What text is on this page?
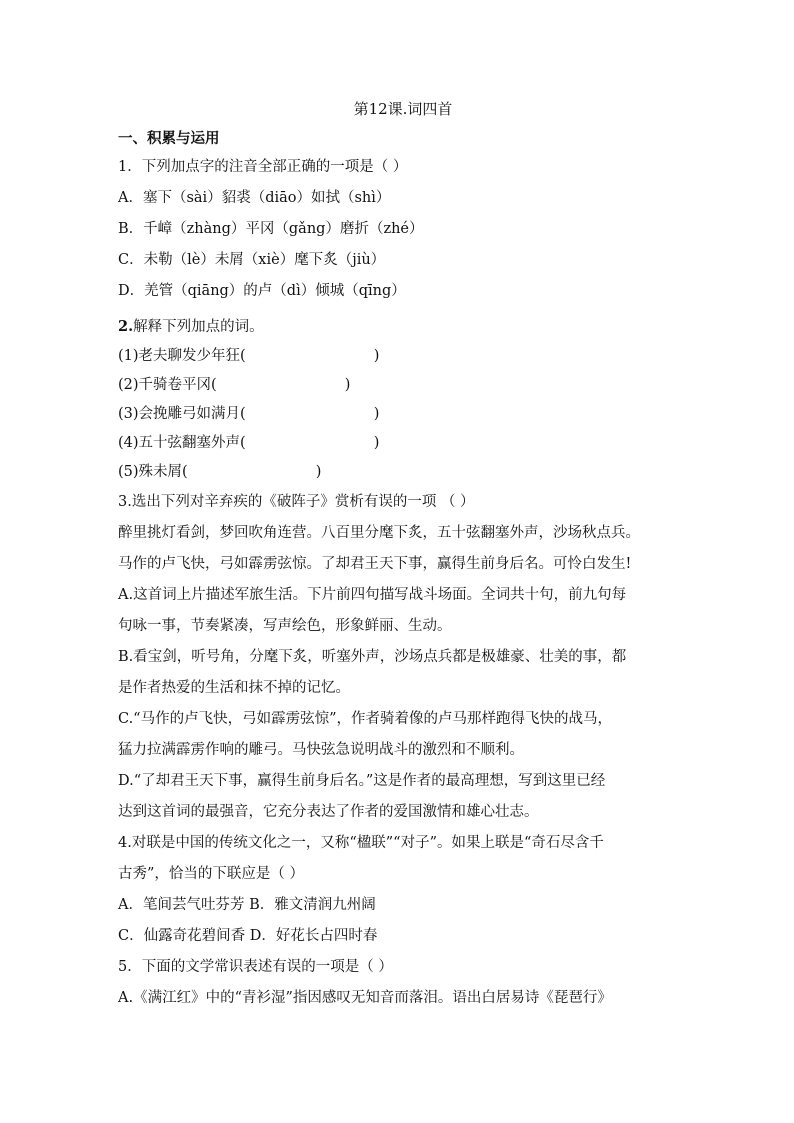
第12课.词四首
一、积累与运用
1．下列加点字的注音全部正确的一项是（ ）
A．塞下（sài）貂裘（diāo）如拭（shì）
B．千嶂（zhàng）平冈（gǎng）磨折（zhé）
C．未勒（lè）未屑（xiè）麾下炙（jiù）
D．羌管（qiāng）的卢（dì）倾城（qīng）
2.解释下列加点的词。
(1)老夫聊发少年狂(	)
(2)千骑卷平冈(	)
(3)会挽雕弓如满月(	)
(4)五十弦翻塞外声(	)
(5)殊未屑(	)
3.选出下列对辛弃疾的《破阵子》赏析有误的一项 （ ）
醉里挑灯看剑，梦回吹角连营。八百里分麾下炙，五十弦翻塞外声，沙场秋点兵。
马作的卢飞快，弓如霹雳弦惊。了却君王天下事，赢得生前身后名。可怜白发生!
A.这首词上片描述军旅生活。下片前四句描写战斗场面。全词共十句，前九句每
句咏一事，节奏紧凑，写声绘色，形象鲜丽、生动。
B.看宝剑，听号角，分麾下炙，听塞外声，沙场点兵都是极雄豪、壮美的事，都
是作者热爱的生活和抹不掉的记忆。
C.“马作的卢飞快，弓如霹雳弦惊”，作者骑着像的卢马那样跑得飞快的战马，
猛力拉满霹雳作响的雕弓。马快弦急说明战斗的激烈和不顺利。
D.“了却君王天下事，赢得生前身后名。”这是作者的最高理想，写到这里已经
达到这首词的最强音，它充分表达了作者的爱国激情和雄心壮志。
4.对联是中国的传统文化之一，又称“楹联”“对子”。如果上联是“奇石尽含千
古秀”，恰当的下联应是（ ）
A．笔间芸气吐芬芳 B．雅文清润九州阔
C．仙露奇花碧间香 D．好花长占四时春
5．下面的文学常识表述有误的一项是（ ）
A.《满江红》中的“青衫湿”指因感叹无知音而落泪。语出白居易诗《琵琶行》
